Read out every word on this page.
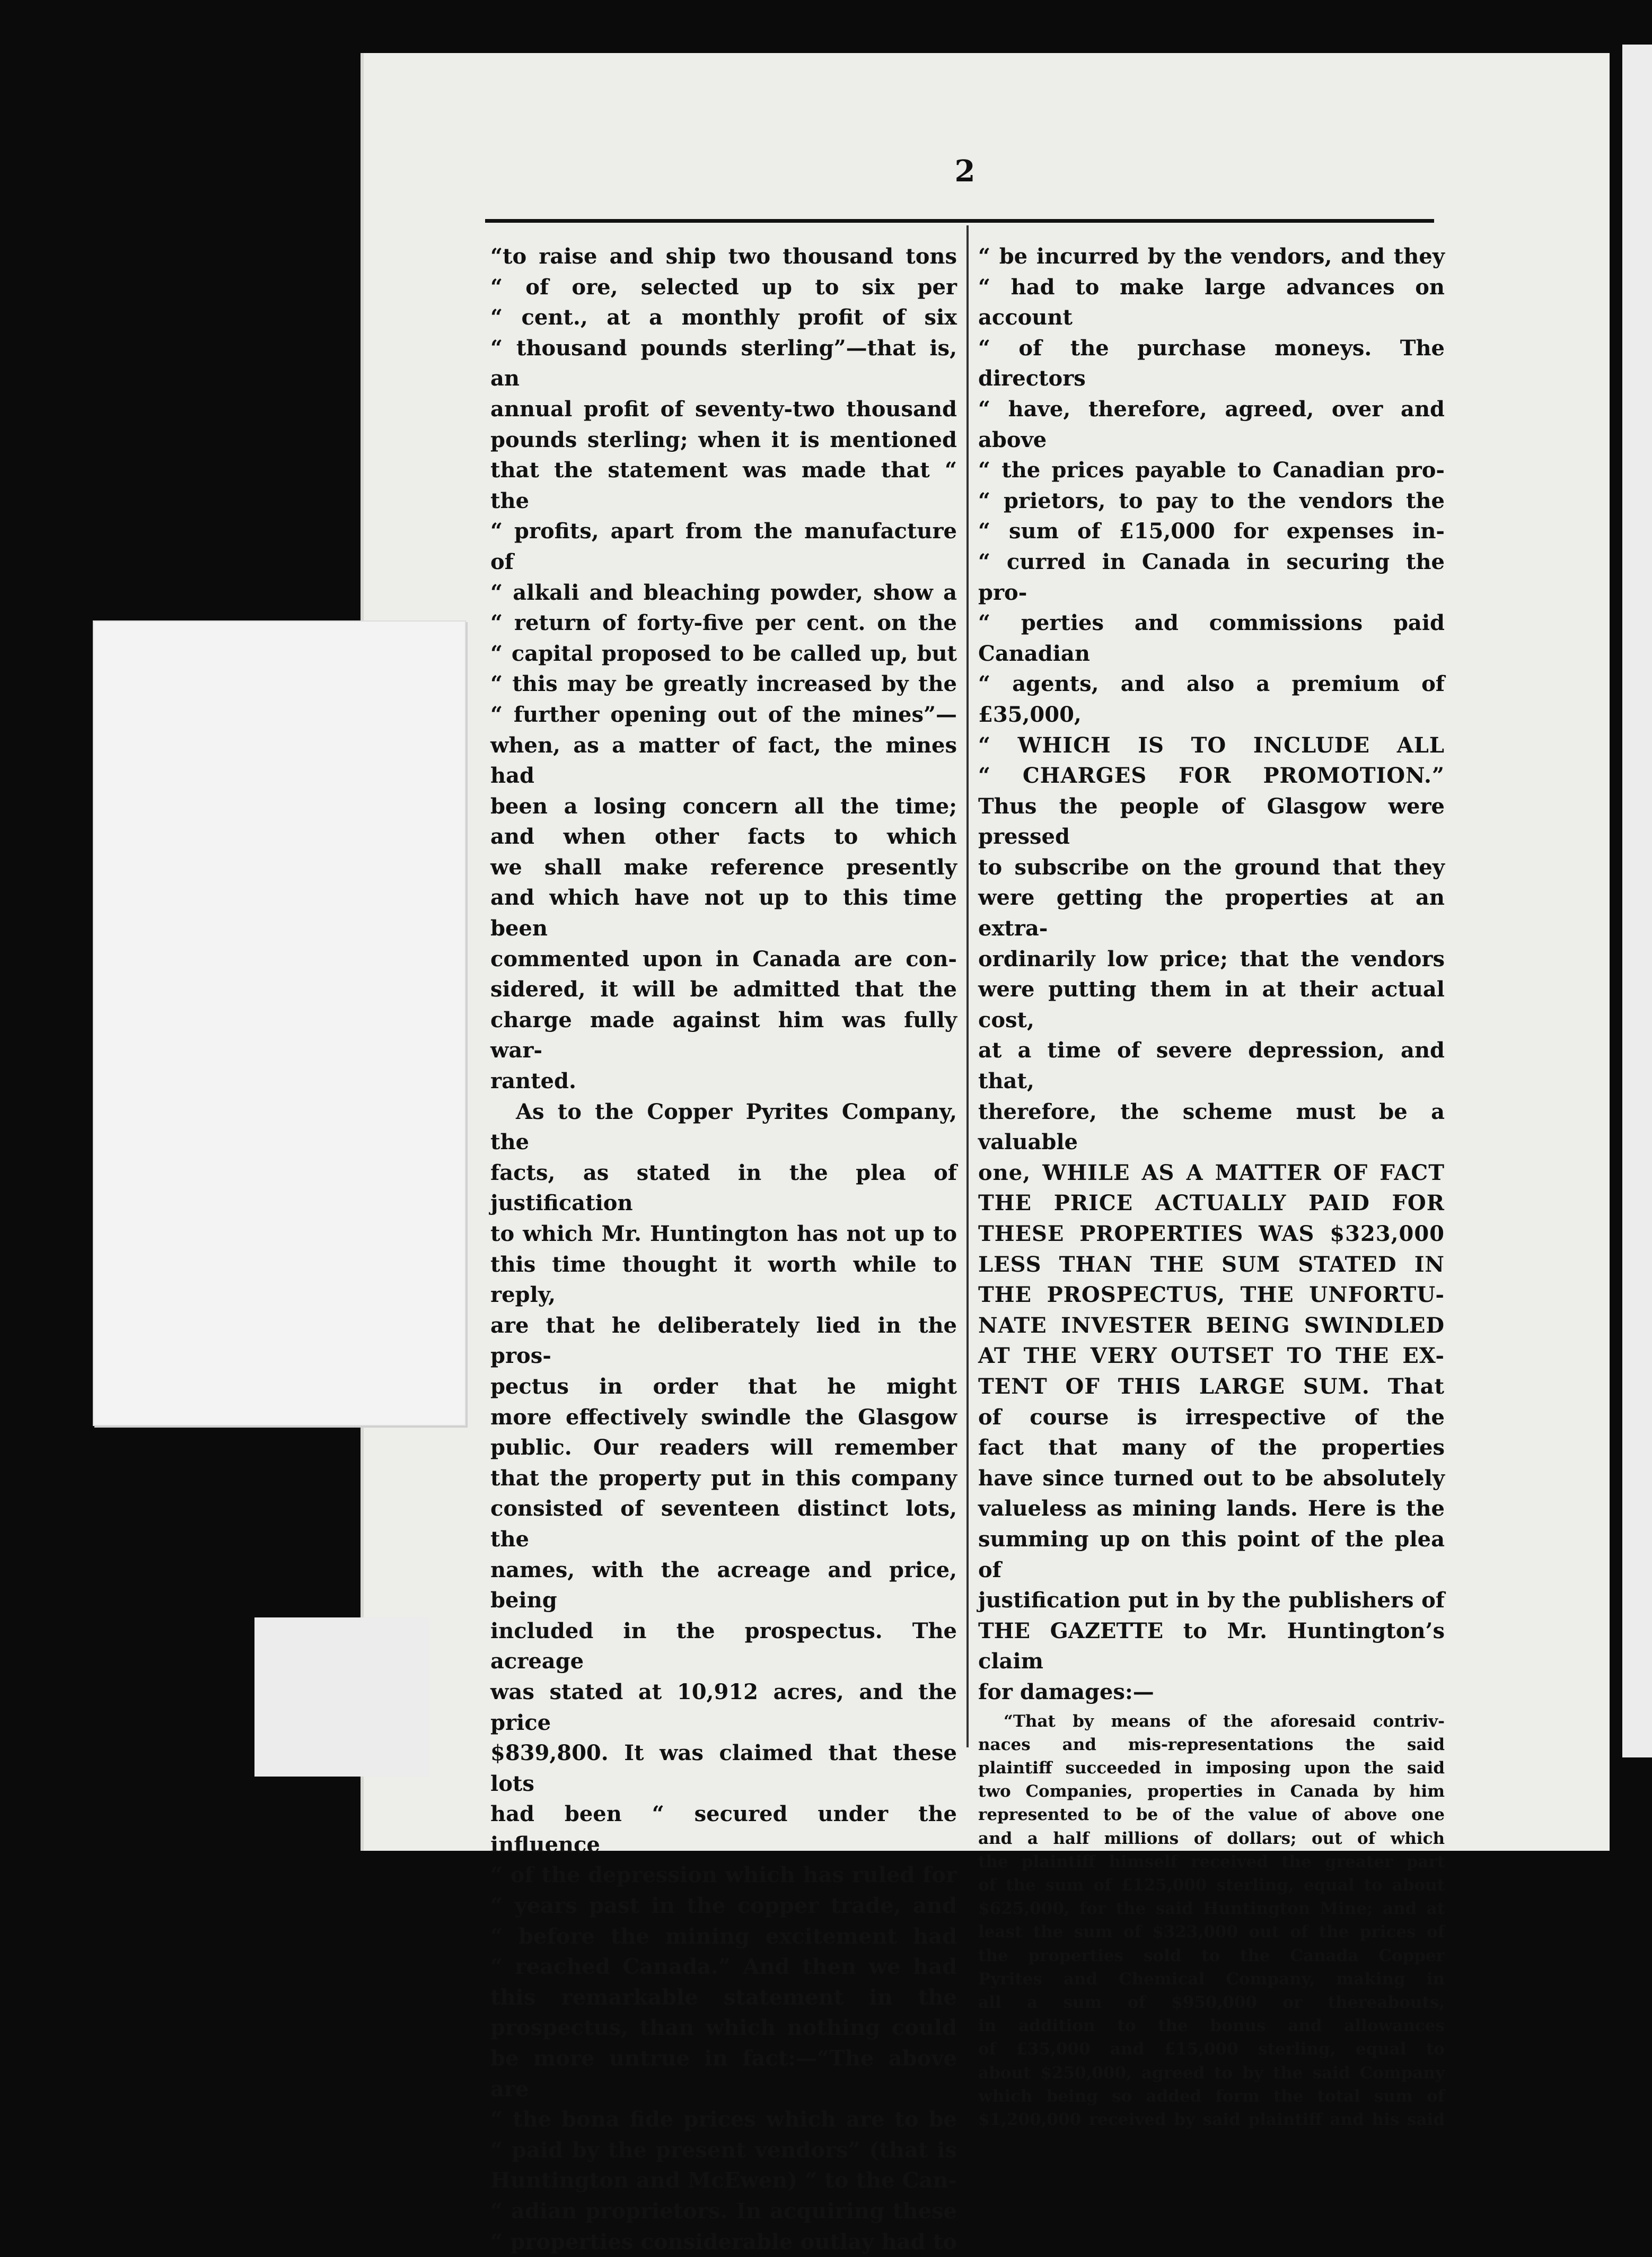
2

“to raise and ship two thousand tons

“ of ore, selected up to six per

“ cent., at a monthly profit of six

“ thousand pounds sterling”—that is, an

annual profit of seventy-two thousand

pounds sterling; when it is mentioned

that the statement was made that “ the

“ profits, apart from the manufacture of

“ alkali and bleaching powder, show a

“ return of forty-five per cent. on the

“ capital proposed to be called up, but

“ this may be greatly increased by the

“ further opening out of the mines”—

when, as a matter of fact, the mines had

been a losing concern all the time;

and when other facts to which

we shall make reference presently

and which have not up to this time been

commented upon in Canada are con-

sidered, it will be admitted that the

charge made against him was fully war-

ranted.

As to the Copper Pyrites Company, the

facts, as stated in the plea of justification

to which Mr. Huntington has not up to

this time thought it worth while to reply,

are that he deliberately lied in the pros-

pectus in order that he might

more effectively swindle the Glasgow

public. Our readers will remember

that the property put in this company

consisted of seventeen distinct lots, the

names, with the acreage and price, being

included in the prospectus. The acreage

was stated at 10,912 acres, and the price

$839,800. It was claimed that these lots

had been “ secured under the influence

“ of the depression which has ruled for

“ years past in the copper trade, and

“ before the mining excitement had

“ reached Canada.” And then we had

this remarkable statement in the

prospectus, than which nothing could

be more untrue in fact:—“The above are

“ the bona fide prices which are to be

“ paid by the present vendors” (that is

Huntington and McEwen) “ to the Can-

“ adian proprietors. In acquiring these

“ properties considerable outlay had to

“ be incurred by the vendors, and they

“ had to make large advances on account

“ of the purchase moneys. The directors

“ have, therefore, agreed, over and above

“ the prices payable to Canadian pro-

“ prietors, to pay to the vendors the

“ sum of £15,000 for expenses in-

“ curred in Canada in securing the pro-

“ perties and commissions paid Canadian

“ agents, and also a premium of £35,000,

“ WHICH IS TO INCLUDE ALL

“ CHARGES FOR PROMOTION.”

Thus the people of Glasgow were pressed

to subscribe on the ground that they

were getting the properties at an extra-

ordinarily low price; that the vendors

were putting them in at their actual cost,

at a time of severe depression, and that,

therefore, the scheme must be a valuable

one, WHILE AS A MATTER OF FACT

THE PRICE ACTUALLY PAID FOR

THESE PROPERTIES WAS $323,000

LESS THAN THE SUM STATED IN

THE PROSPECTUS, THE UNFORTU-

NATE INVESTER BEING SWINDLED

AT THE VERY OUTSET TO THE EX-

TENT OF THIS LARGE SUM. That

of course is irrespective of the

fact that many of the properties

have since turned out to be absolutely

valueless as mining lands. Here is the

summing up on this point of the plea of

justification put in by the publishers of

THE GAZETTE to Mr. Huntington’s claim

for damages:—

“That by means of the aforesaid contriv-

naces and mis-representations the said

plaintiff succeeded in imposing upon the said

two Companies, properties in Canada by him

represented to be of the value of above one

and a half millions of dollars; out of which

the plaintiff himself received the greater part

of the sum of £125,000 sterling, equal to about

$625,000, for the said Huntington Mine; and at

least the sum of $323,000 out of the prices of

the properties sold to the Canada Copper

Pyrites and Chemical Company, making in

all a sum of $950,000 or thereabouts,

in addition to the bonus and allowances

of £35,000 and £15,000 sterling, equal to

about $250,000, agreed to by the said Company

which being so added form the total sum of

$1,200,000 received by said plaintiff and his said
